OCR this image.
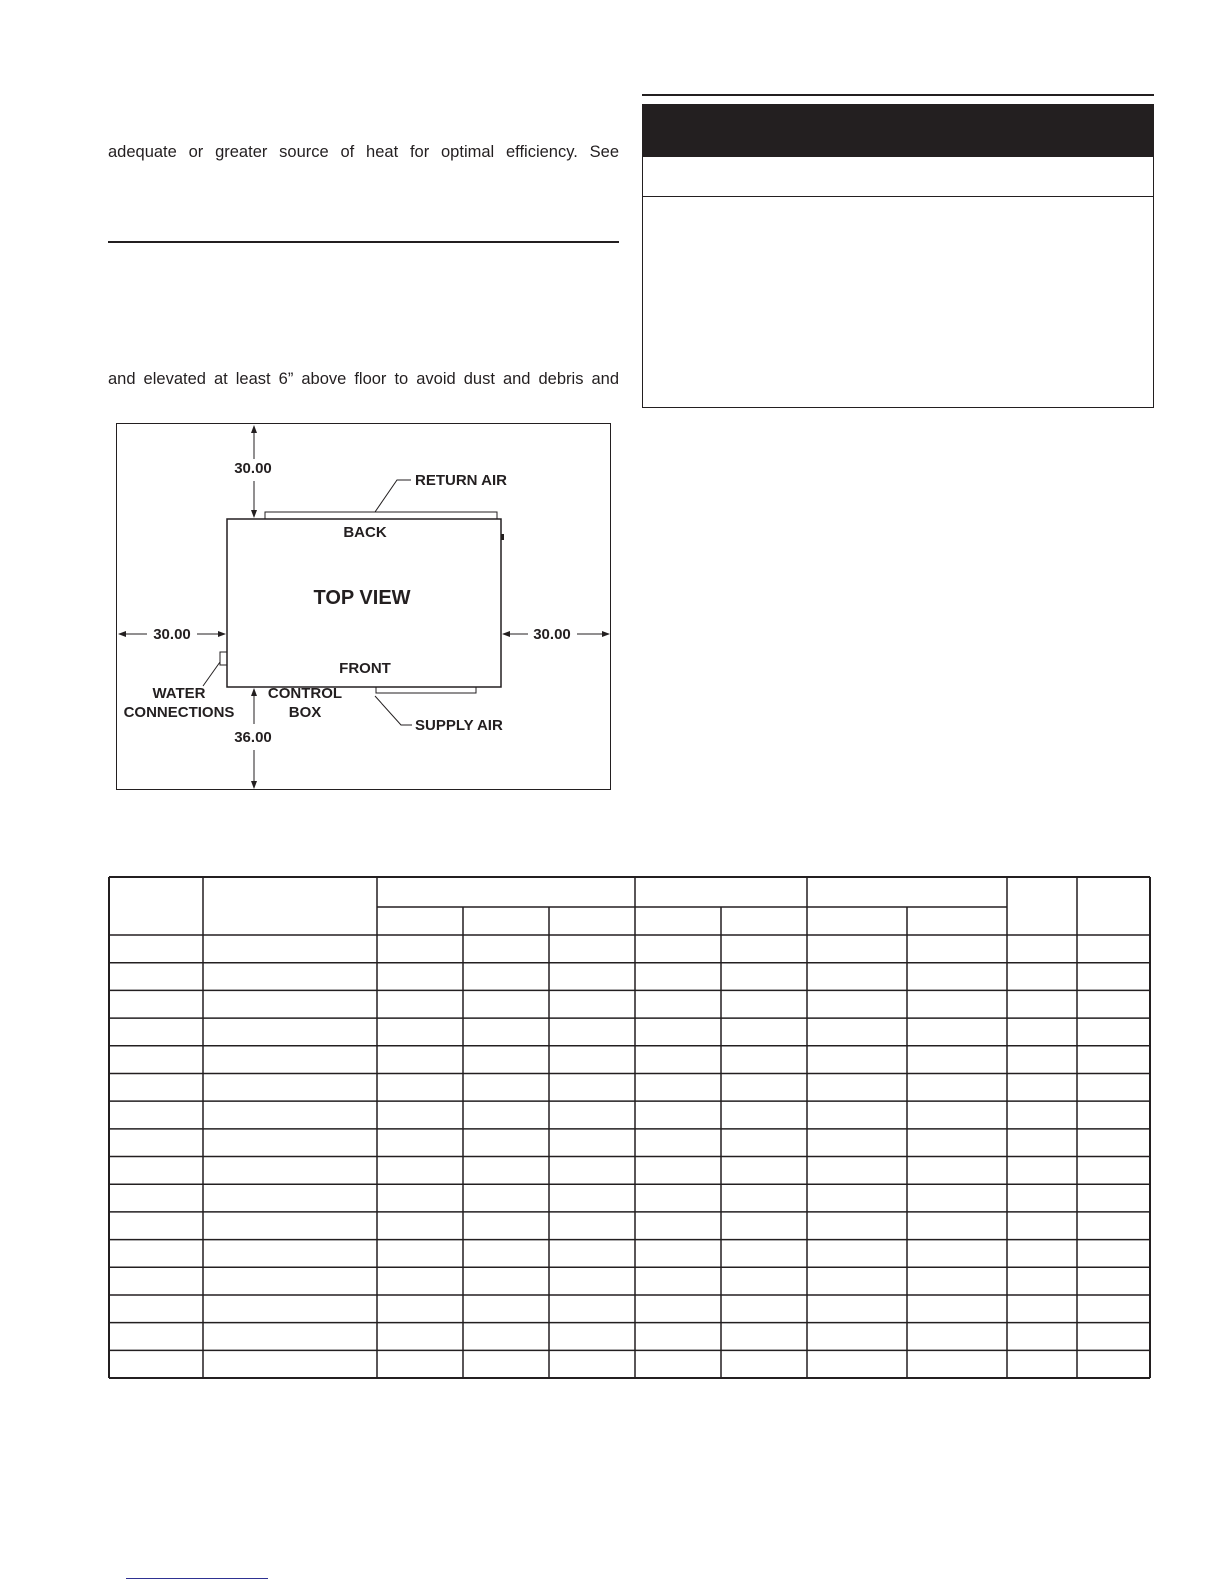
adequate or greater source of heat for optimal efficiency. See
and elevated at least 6” above floor to avoid dust and debris and
30.00
30.00	30.00
36.00
RETURN AIR
BACK
TOP VIEW
FRONT
WATER
CONNECTIONS
CONTROL
BOX
SUPPLY AIR
